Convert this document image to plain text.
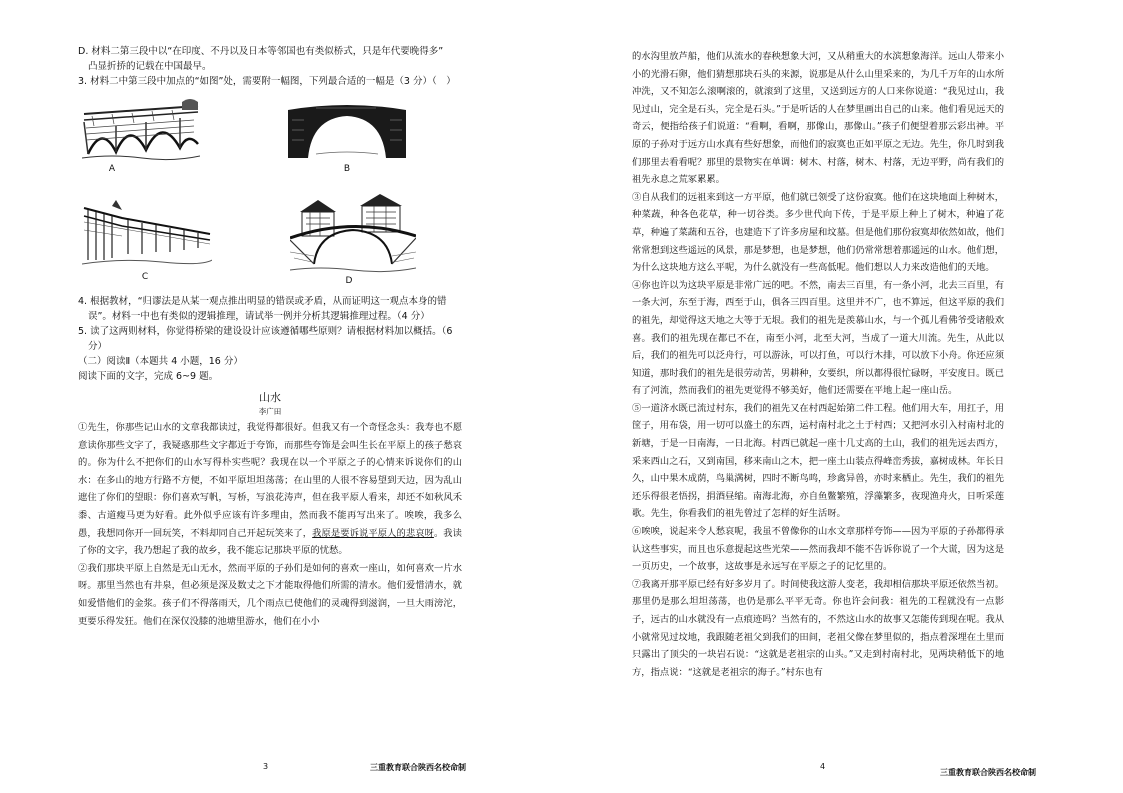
D. 材料二第三段中以“在印度、不丹以及日本等邻国也有类似桥式，只是年代要晚得多”

凸显折挢的记载在中国最早。

3. 材料二中第三段中加点的“如图”处，需要附一幅图，下列最合适的一幅是（3 分）（　）

A	B
C	D

4. 根据教材，“归谬法是从某一观点推出明显的错误或矛盾，从而证明这一观点本身的错

误”。材料一中也有类似的逻辑推理，请试举一例并分析其逻辑推理过程。（4 分）

5. 读了这两则材料，你觉得桥梁的建设设计应该遵循哪些原则？请根据材料加以概括。（6

分）

（二）阅读Ⅱ（本题共 4 小题，16 分）

阅读下面的文字，完成 6~9 题。

山水

李广田

①先生，你那些记山水的文章我都读过，我觉得都很好。但我又有一个奇怪念头：我寿也不愿意读你那些文字了，我疑惑那些文字都近于夸饰，而那些夸饰是会叫生长在平原上的孩子愁哀的。你为什么不把你们的山水写得朴实些呢？我现在以一个平原之子的心情来诉说你们的山水：在多山的地方行路不方便，不如平原坦坦荡荡；在山里的人很不容易望到天边，因为乱山遮住了你们的望眼：你们喜欢写帆，写桥，写浪花涛声，但在我平原人看来，却还不如秋风禾黍、古道瘦马更为好看。此外似乎应该有许多理由，然而我不能再写出来了。唉唉，我多么愚，我想同你开一回玩笑，不料却同自己开起玩笑来了，我原是要诉说平原人的悲哀呀。我读了你的文字，我乃想起了我的故乡，我不能忘记那块平原的忧愁。

②我们那块平原上自然是无山无水，然而平原的子孙们是如何的喜欢一座山，如何喜欢一片水呀。那里当然也有井泉，但必须是深及数丈之下才能取得他们所需的清水。他们爱惜清水，就如爱惜他们的金浆。孩子们不得落雨天，几个雨点已使他们的灵魂得到滋润，一旦大雨滂沱，更要乐得发狂。他们在深仅没膝的池塘里游水，他们在小小

的水沟里放芦船，他们从流水的春秧想象大河，又从稍重大的水滨想象海洋。远山人带来小小的光滑石卵，他们猜想那块石头的来源，说那是从什么山里采来的，为几千万年的山水所冲洗，又不知怎么滚啊滚的，就滚到了这里，又送到远方的人口来你说道：“我见过山，我见过山，完全是石头，完全是石头。”于是听话的人在梦里画出自己的山来。他们看见远天的奇云，便指给孩子们说道：“看啊，看啊，那像山，那像山。”孩子们便望着那云彩出神。平原的子孙对于远方山水真有些好想象，而他们的寂寞也正如平原之无边。先生，你几时到我们那里去看看呢？那里的景物实在单调：树木、村落，树木、村落，无边平野，尚有我们的祖先永息之荒冢累累。

③自从我们的远祖来到这一方平原，他们就已领受了这份寂寞。他们在这块地面上种树木，种菜蔬，种各色花草，种一切谷类。多少世代向下传，于是平原上种上了树木，种遍了花草，种遍了菜蔬和五谷，也建造下了许多房屋和坟墓。但是他们那份寂寞却依然如故，他们常常想到这些遥远的风景，那是梦想，也是梦想，他们仍常常想着那遥远的山水。他们想，为什么这块地方这么平呢，为什么就没有一些高低呢。他们想以人力来改造他们的天地。

④你也许以为这块平原是非常广远的吧。不然，南去三百里，有一条小河，北去三百里，有一条大河，东至于海，西至于山，俱各三四百里。这里并不广，也不算远，但这平原的我们的祖先，却觉得这天地之大等于无垠。我们的祖先是羡慕山水，与一个孤儿看佛爷受诸般欢喜。我们的祖先现在都已不在，南至小河，北至大河，当成了一道大川流。先生，从此以后，我们的祖先可以泛舟行，可以游泳，可以打鱼，可以行木排，可以放下小舟。你还应须知道，那时我们的祖先是很劳动苦，男耕种，女要织，所以都得很忙碌呀，平安度日。既已有了河流，然而我们的祖先更觉得不够美好，他们还需要在平地上起一座山岳。

⑤一道济水既已流过村东，我们的祖先又在村西起始第二件工程。他们用大车，用扛子，用筐子，用布袋，用一切可以盛土的东西，运村南村北之土于村西；又把河水引入村南村北的新塘，于是一日南海，一日北海。村西已就起一座十几丈高的土山，我们的祖先远去西方，采来西山之石，又到南国，移来南山之木，把一座土山装点得峰峦秀拔，嘉树成林。年长日久，山中果木成荫，鸟巢满树，四时不断鸟鸣，珍禽异兽，亦时来栖止。先生，我们的祖先还乐得很老悟拐，捐酒昼缩。南海北海，亦自鱼鳖繁殖，浮藻繁多，夜现渔舟火，日听采莲歌。先生，你看我们的祖先曾过了怎样的好生活呀。

⑥唉唉，说起来令人愁哀呢，我虽不曾像你的山水文章那样夸饰——因为平原的子孙都得承认这些事实，而且也乐意提起这些光荣——然而我却不能不告诉你说了一个大谎，因为这是一页历史，一个故事，这故事是永远写在平原之子的记忆里的。

⑦我离开那平原已经有好多岁月了。时间使我这游人变老，我却相信那块平原还依然当初。那里仍是那么坦坦荡荡，也仍是那么平平无奇。你也许会问我：祖先的工程就没有一点影子，远古的山水就没有一点痕迹吗？当然有的，不然这山水的故事又怎能传到现在呢。我从小就常见过坟地，我跟随老祖父到我们的田间，老祖父像在梦里似的，指点着深埋在土里而只露出了顶尖的一块岩石说：“这就是老祖宗的山头。”又走到村南村北，见两块稍低下的地方，指点说：“这就是老祖宗的海子。”村东也有

3	三重教育联合陕西名校命制	4
三重教育联合陕西名校命制
